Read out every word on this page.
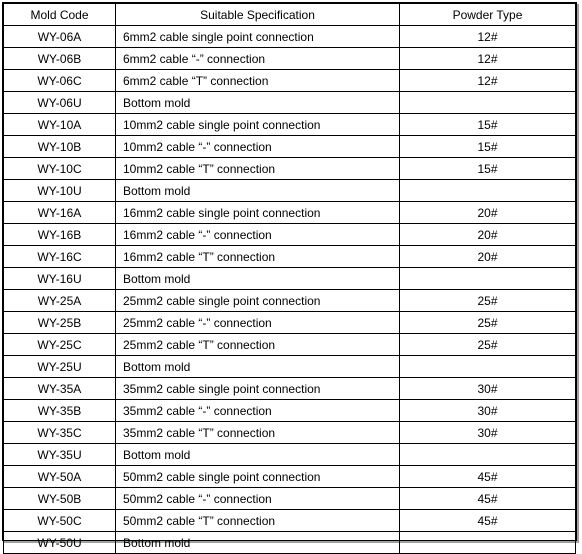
Mold Code	Suitable Specification	Powder Type
WY-06A	6mm2 cable single point connection	12#
WY-06B	6mm2 cable “-” connection	12#
WY-06C	6mm2 cable “T” connection	12#
WY-06U	Bottom mold	
WY-10A	10mm2 cable single point connection	15#
WY-10B	10mm2 cable “-” connection	15#
WY-10C	10mm2 cable “T” connection	15#
WY-10U	Bottom mold	
WY-16A	16mm2 cable single point connection	20#
WY-16B	16mm2 cable “-” connection	20#
WY-16C	16mm2 cable “T” connection	20#
WY-16U	Bottom mold	
WY-25A	25mm2 cable single point connection	25#
WY-25B	25mm2 cable “-” connection	25#
WY-25C	25mm2 cable “T” connection	25#
WY-25U	Bottom mold	
WY-35A	35mm2 cable single point connection	30#
WY-35B	35mm2 cable “-” connection	30#
WY-35C	35mm2 cable “T” connection	30#
WY-35U	Bottom mold	
WY-50A	50mm2 cable single point connection	45#
WY-50B	50mm2 cable “-” connection	45#
WY-50C	50mm2 cable “T” connection	45#
WY-50U	Bottom mold	
